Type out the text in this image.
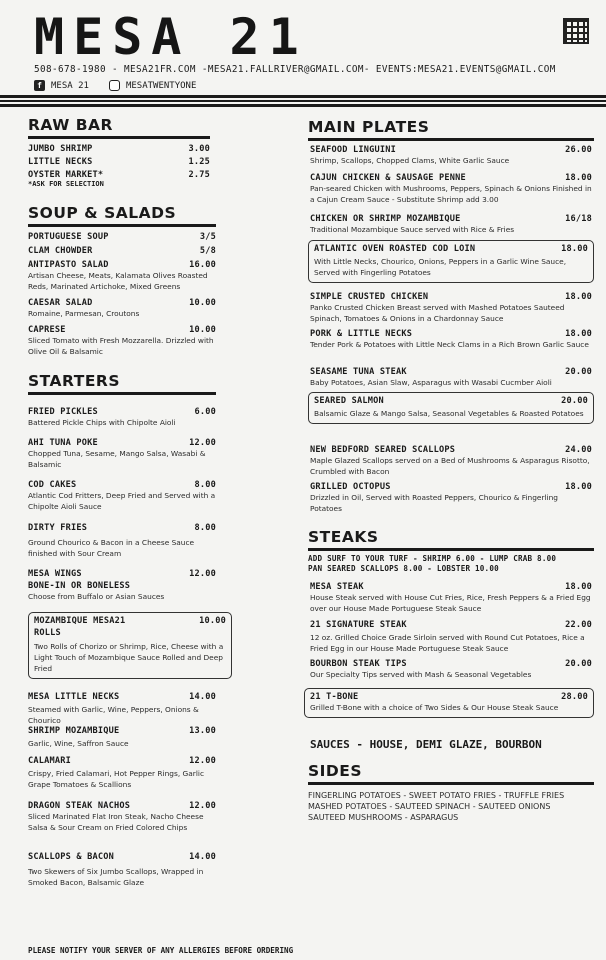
MESA 21
508-678-1980 - MESA21FR.COM -MESA21.FALLRIVER@GMAIL.COM- EVENTS:MESA21.EVENTS@GMAIL.COM
f	MESA 21	MESATWENTYONE
RAW BAR
JUMBO SHRIMP	3.00
LITTLE NECKS	1.25
OYSTER MARKET*	2.75
*ASK FOR SELECTION
SOUP & SALADS
PORTUGUESE SOUP	3/5
CLAM CHOWDER	5/8
ANTIPASTO SALAD	16.00
Artisan Cheese, Meats, Kalamata Olives Roasted Reds, Marinated Artichoke, Mixed Greens
CAESAR SALAD	10.00
Romaine, Parmesan, Croutons
CAPRESE	10.00
Sliced Tomato with Fresh Mozzarella. Drizzled with Olive Oil & Balsamic
STARTERS
FRIED PICKLES	6.00
Battered Pickle Chips with Chipolte Aioli
AHI TUNA POKE	12.00
Chopped Tuna, Sesame, Mango Salsa, Wasabi & Balsamic
COD CAKES	8.00
Atlantic Cod Fritters, Deep Fried and Served with a Chipolte Aioli Sauce
DIRTY FRIES	8.00
Ground Chourico & Bacon in a Cheese Sauce finished with Sour Cream
MESA WINGS	12.00
BONE-IN OR BONELESS
Choose from Buffalo or Asian Sauces
MOZAMBIQUE MESA21	10.00
ROLLS
Two Rolls of Chorizo or Shrimp, Rice, Cheese with a Light Touch of Mozambique Sauce Rolled and Deep Fried
MESA LITTLE NECKS	14.00
Steamed with Garlic, Wine, Peppers, Onions & Chourico
SHRIMP MOZAMBIQUE	13.00
Garlic, Wine, Saffron Sauce
CALAMARI	12.00
Crispy, Fried Calamari, Hot Pepper Rings, Garlic Grape Tomatoes & Scallions
DRAGON STEAK NACHOS	12.00
Sliced Marinated Flat Iron Steak, Nacho Cheese Salsa & Sour Cream on Fried Colored Chips
SCALLOPS & BACON	14.00
Two Skewers of Six Jumbo Scallops, Wrapped in Smoked Bacon, Balsamic Glaze
MAIN PLATES
SEAFOOD LINGUINI	26.00
Shrimp, Scallops, Chopped Clams, White Garlic Sauce
CAJUN CHICKEN & SAUSAGE PENNE	18.00
Pan-seared Chicken with Mushrooms, Peppers, Spinach & Onions Finished in a Cajun Cream Sauce - Substitute Shrimp add 3.00
CHICKEN OR SHRIMP MOZAMBIQUE	16/18
Traditional Mozambique Sauce served with Rice & Fries
ATLANTIC OVEN ROASTED COD LOIN	18.00
With Little Necks, Chourico, Onions, Peppers in a Garlic Wine Sauce, Served with Fingerling Potatoes
SIMPLE CRUSTED CHICKEN	18.00
Panko Crusted Chicken Breast served with Mashed Potatoes Sauteed Spinach, Tomatoes & Onions in a Chardonnay Sauce
PORK & LITTLE NECKS	18.00
Tender Pork & Potatoes with Little Neck Clams in a Rich Brown Garlic Sauce
SEASAME TUNA STEAK	20.00
Baby Potatoes, Asian Slaw, Asparagus with Wasabi Cucmber Aioli
SEARED SALMON	20.00
Balsamic Glaze & Mango Salsa, Seasonal Vegetables & Roasted Potatoes
NEW BEDFORD SEARED SCALLOPS	24.00
Maple Glazed Scallops served on a Bed of Mushrooms & Asparagus Risotto, Crumbled with Bacon
GRILLED OCTOPUS	18.00
Drizzled in Oil, Served with Roasted Peppers, Chourico & Fingerling Potatoes
STEAKS
ADD SURF TO YOUR TURF - SHRIMP 6.00 - LUMP CRAB 8.00
PAN SEARED SCALLOPS 8.00 - LOBSTER 10.00
MESA STEAK	18.00
House Steak served with House Cut Fries, Rice, Fresh Peppers & a Fried Egg over our House Made Portuguese Steak Sauce
21 SIGNATURE STEAK	22.00
12 oz. Grilled Choice Grade Sirloin served with Round Cut Potatoes, Rice a Fried Egg in our House Made Portuguese Steak Sauce
BOURBON STEAK TIPS	20.00
Our Specialty Tips served with Mash & Seasonal Vegetables
21 T-BONE	28.00
Grilled T-Bone with a choice of Two Sides & Our House Steak Sauce
SAUCES - HOUSE, DEMI GLAZE, BOURBON
SIDES
FINGERLING POTATOES - SWEET POTATO FRIES - TRUFFLE FRIES
MASHED POTATOES - SAUTEED SPINACH - SAUTEED ONIONS
SAUTEED MUSHROOMS - ASPARAGUS
PLEASE NOTIFY YOUR SERVER OF ANY ALLERGIES BEFORE ORDERING
